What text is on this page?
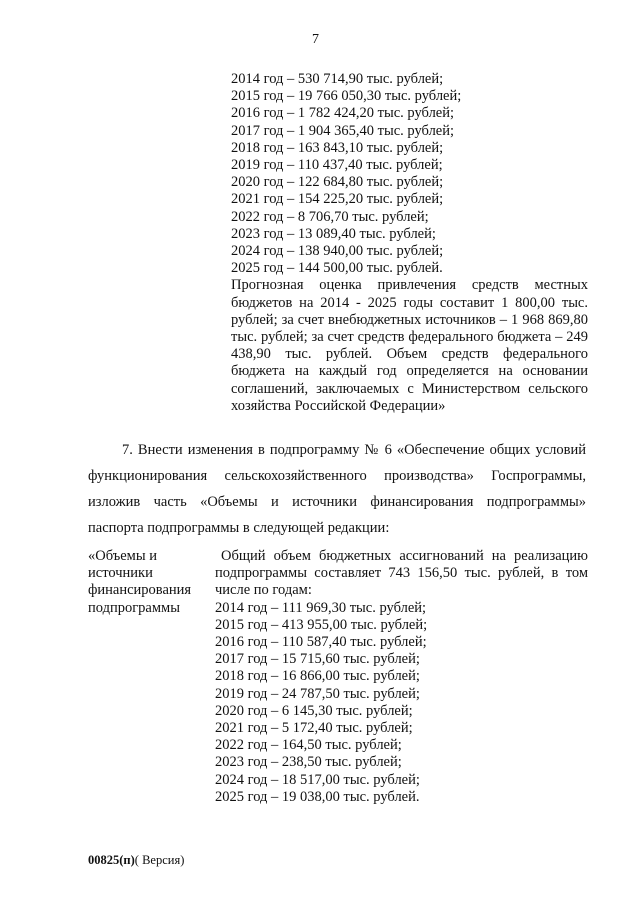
7
2014 год – 530 714,90 тыс. рублей;
2015 год – 19 766 050,30 тыс. рублей;
2016 год – 1 782 424,20 тыс. рублей;
2017 год – 1 904 365,40 тыс. рублей;
2018 год – 163 843,10 тыс. рублей;
2019 год – 110 437,40 тыс. рублей;
2020 год – 122 684,80 тыс. рублей;
2021 год – 154 225,20 тыс. рублей;
2022 год – 8 706,70 тыс. рублей;
2023 год – 13 089,40 тыс. рублей;
2024 год – 138 940,00 тыс. рублей;
2025 год – 144 500,00 тыс. рублей.
Прогнозная оценка привлечения средств местных бюджетов на 2014 - 2025 годы составит 1 800,00 тыс. рублей; за счет внебюджетных источников – 1 968 869,80 тыс. рублей; за счет средств федерального бюджета – 249 438,90 тыс. рублей. Объем средств федерального бюджета на каждый год определяется на основании соглашений, заключаемых с Министерством сельского хозяйства Российской Федерации»
7. Внести изменения в подпрограмму № 6 «Обеспечение общих условий функционирования сельскохозяйственного производства» Госпрограммы, изложив часть «Объемы и источники финансирования подпрограммы» паспорта подпрограммы в следующей редакции:
«Объемы и
источники
финансирования
подпрограммы
Общий объем бюджетных ассигнований на реализацию подпрограммы составляет 743 156,50 тыс. рублей, в том числе по годам:
2014 год – 111 969,30 тыс. рублей;
2015 год – 413 955,00 тыс. рублей;
2016 год – 110 587,40 тыс. рублей;
2017 год – 15 715,60 тыс. рублей;
2018 год – 16 866,00 тыс. рублей;
2019 год – 24 787,50 тыс. рублей;
2020 год – 6 145,30 тыс. рублей;
2021 год – 5 172,40 тыс. рублей;
2022 год – 164,50 тыс. рублей;
2023 год – 238,50 тыс. рублей;
2024 год – 18 517,00 тыс. рублей;
2025 год – 19 038,00 тыс. рублей.
00825(п)( Версия)
